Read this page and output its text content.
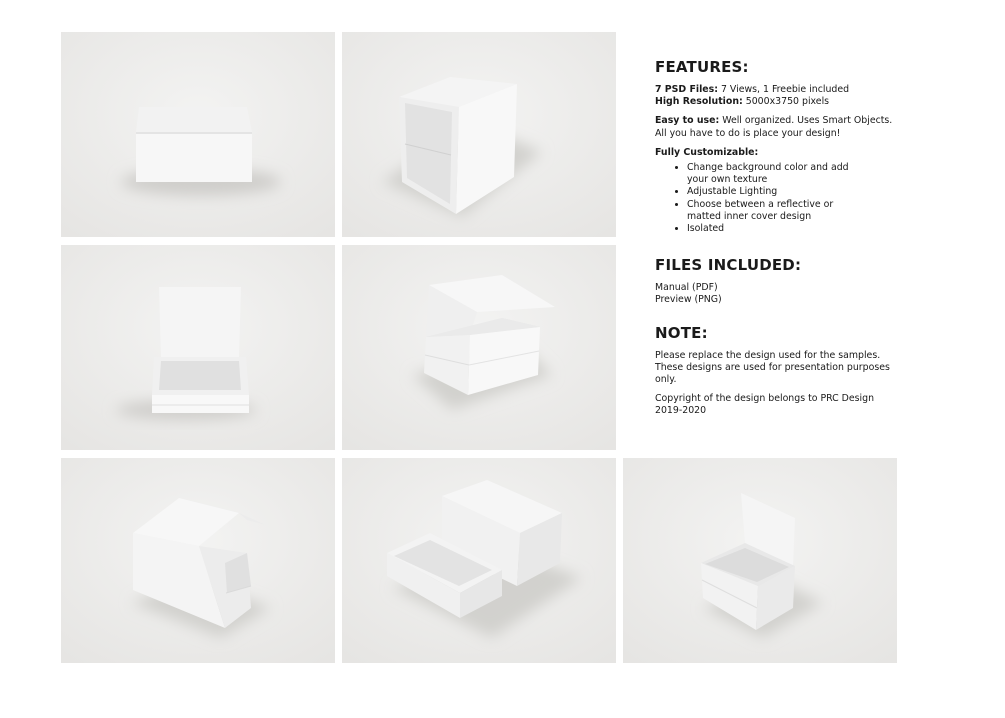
FEATURES:
7 PSD Files: 7 Views, 1 Freebie included

High Resolution: 5000x3750 pixels

Easy to use: Well organized. Uses Smart Objects.
All you have to do is place your design!

Fully Customizable:

• Change background color and add your own texture
• Adjustable Lighting
• Choose between a reflective or matted inner cover design
• Isolated
FILES INCLUDED:
Manual (PDF)
Preview (PNG)
NOTE:

Please replace the design used for the samples. These designs are used for presentation purposes only.

Copyright of the design belongs to PRC Design 2019-2020
